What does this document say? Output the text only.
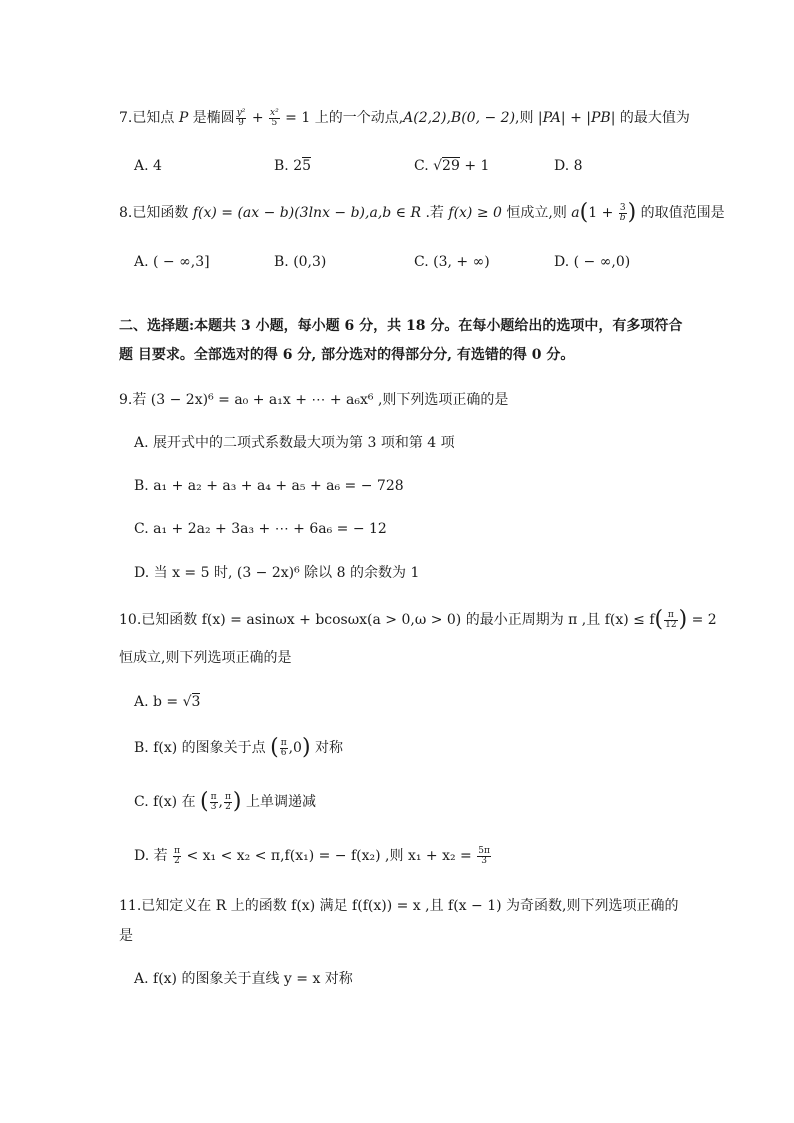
7.已知点 P 是椭圆 $\frac{\text{y²}}{9} + \frac{\text{x²}}{5} = 1$ 上的一个动点,A(2,2),B(0, − 2),则 |PA| + |PB| 的最大值为
A. 4	B. 25	C. √29 + 1	D. 8
8.已知函数 f(x) = (ax − b)(3lnx − b),a,b ∈ R .若 f(x) ≥ 0 恒成立,则 $a(1 + \frac{3}{b}$ ) 的取值范围是
A. ( − ∞,3]	B. (0,3)	C. (3, + ∞)	D. ( − ∞,0)
二、选择题:本题共 3 小题，每小题 6 分，共 18 分。在每小题给出的选项中，有多项符合
题 目要求。全部选对的得 6 分, 部分选对的得部分分, 有选错的得 0 分。
9.若 (3 − 2x)⁶ = a₀ + a₁x + ⋯ + a₆x⁶ ,则下列选项正确的是
A. 展开式中的二项式系数最大项为第 3 项和第 4 项
B. a₁ + a₂ + a₃ + a₄ + a₅ + a₆ = − 728
C. a₁ + 2a₂ + 3a₃ + ⋯ + 6a₆ = − 12
D. 当 x = 5 时, (3 − 2x)⁶ 除以 8 的余数为 1
10.已知函数 f(x) = asinωx + bcosωx(a > 0,ω > 0) 的最小正周期为 π ,且 $f(x) \le f( \frac{\pi}{12}$ ) = 2
恒成立,则下列选项正确的是
A. b = √3
B. f(x) 的图象关于点 ( $\frac{\pi}{6} ,0$) 对称
C. f(x) 在 ( $\frac{\pi}{3}$ , $\frac{\pi}{2}$ ) 上单调递减
D. 若 $\frac{\pi}{2} < x_1 < x_2 < \pi,f(x_1)$ = − f(x₂) ,则 $x_1 + x_2 = \frac{5\pi}{3}$
11.已知定义在 R 上的函数 f(x) 满足 f(f(x)) = x ,且 f(x − 1) 为奇函数,则下列选项正确的
是
A. f(x) 的图象关于直线 y = x 对称
